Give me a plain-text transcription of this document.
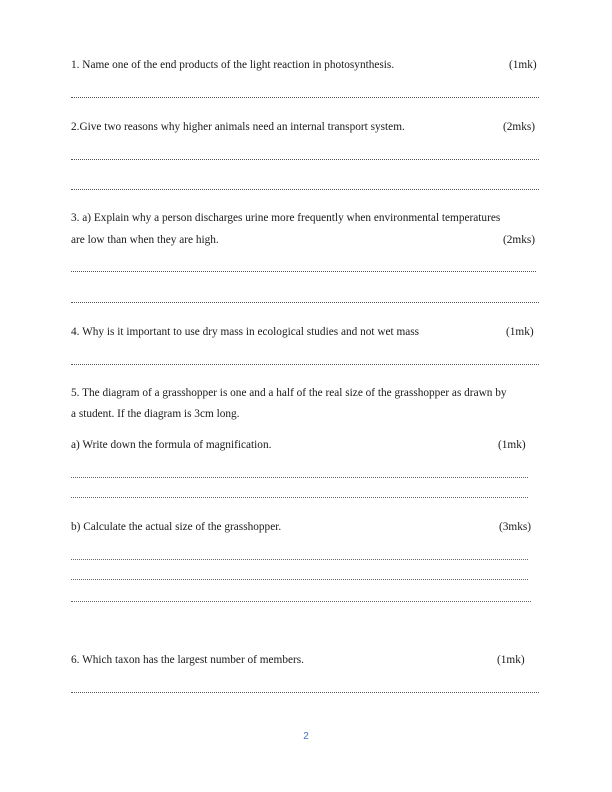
1. Name one of the end products of the light reaction in photosynthesis.	(1mk)
2.Give two reasons why higher animals need an internal transport system.	(2mks)
3. a) Explain why a person discharges urine more frequently when environmental temperatures
are low than when they are high.	(2mks)
4. Why is it important to use dry mass in ecological studies and not wet mass	(1mk)
5. The diagram of a grasshopper is one and a half of the real size of the grasshopper as drawn by
a student. If the diagram is 3cm long.
a) Write down the formula of magnification.	(1mk)
b) Calculate the actual size of the grasshopper.	(3mks)
6. Which taxon has the largest number of members.	(1mk)
2
